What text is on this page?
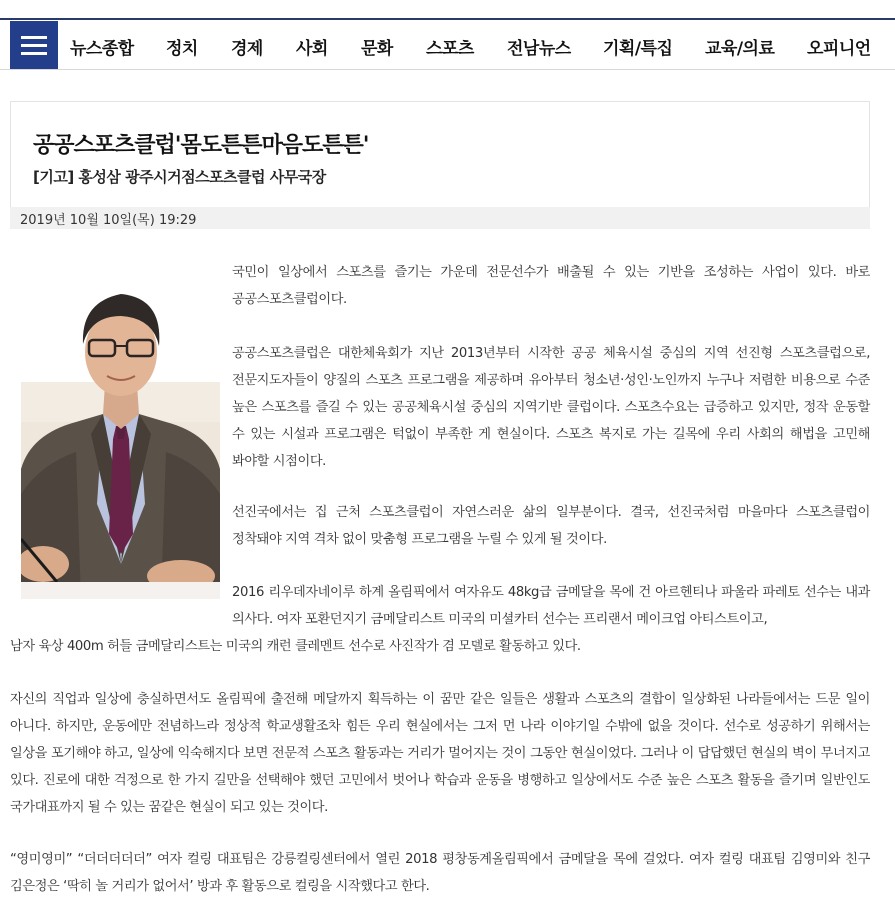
뉴스종합 정치 경제 사회 문화 스포츠 전남뉴스 기획/특집 교육/의료 오피니언
공공스포츠클럽'몸도튼튼마음도튼튼'
[기고] 홍성삼 광주시거점스포츠클럽 사무국장
2019년 10월 10일(목) 19:29

국민이 일상에서 스포츠를 즐기는 가운데 전문선수가 배출될 수 있는 기반을 조성하는 사업이 있다. 바로 공공스포츠클럽이다.

공공스포츠클럽은 대한체육회가 지난 2013년부터 시작한 공공 체육시설 중심의 지역 선진형 스포츠클럽으로, 전문지도자들이 양질의 스포츠 프로그램을 제공하며 유아부터 청소년·성인·노인까지 누구나 저렴한 비용으로 수준 높은 스포츠를 즐길 수 있는 공공체육시설 중심의 지역기반 클럽이다. 스포츠수요는 급증하고 있지만, 정작 운동할 수 있는 시설과 프로그램은 턱없이 부족한 게 현실이다. 스포츠 복지로 가는 길목에 우리 사회의 해법을 고민해 봐야할 시점이다.

선진국에서는 집 근처 스포츠클럽이 자연스러운 삶의 일부분이다. 결국, 선진국처럼 마을마다 스포츠클럽이 정착돼야 지역 격차 없이 맞춤형 프로그램을 누릴 수 있게 될 것이다.

2016 리우데자네이루 하계 올림픽에서 여자유도 48kg급 금메달을 목에 건 아르헨티나 파울라 파레토 선수는 내과 의사다. 여자 포환던지기 금메달리스트 미국의 미셜카터 선수는 프리랜서 메이크업 아티스트이고,

남자 육상 400m 허들 금메달리스트는 미국의 캐런 클레멘트 선수로 사진작가 겸 모델로 활동하고 있다.

자신의 직업과 일상에 충실하면서도 올림픽에 출전해 메달까지 획득하는 이 꿈만 같은 일들은 생활과 스포츠의 결합이 일상화된 나라들에서는 드문 일이 아니다. 하지만, 운동에만 전념하느라 정상적 학교생활조차 힘든 우리 현실에서는 그저 먼 나라 이야기일 수밖에 없을 것이다. 선수로 성공하기 위해서는 일상을 포기해야 하고, 일상에 익숙해지다 보면 전문적 스포츠 활동과는 거리가 멀어지는 것이 그동안 현실이었다. 그러나 이 답답했던 현실의 벽이 무너지고 있다. 진로에 대한 걱정으로 한 가지 길만을 선택해야 했던 고민에서 벗어나 학습과 운동을 병행하고 일상에서도 수준 높은 스포츠 활동을 즐기며 일반인도 국가대표까지 될 수 있는 꿈같은 현실이 되고 있는 것이다.

“영미영미” “더더더더더” 여자 컬링 대표팀은 강릉컬링센터에서 열린 2018 평창동계올림픽에서 금메달을 목에 걸었다. 여자 컬링 대표팀 김영미와 친구 김은정은 ‘딱히 놀 거리가 없어서’ 방과 후 활동으로 컬링을 시작했다고 한다.
